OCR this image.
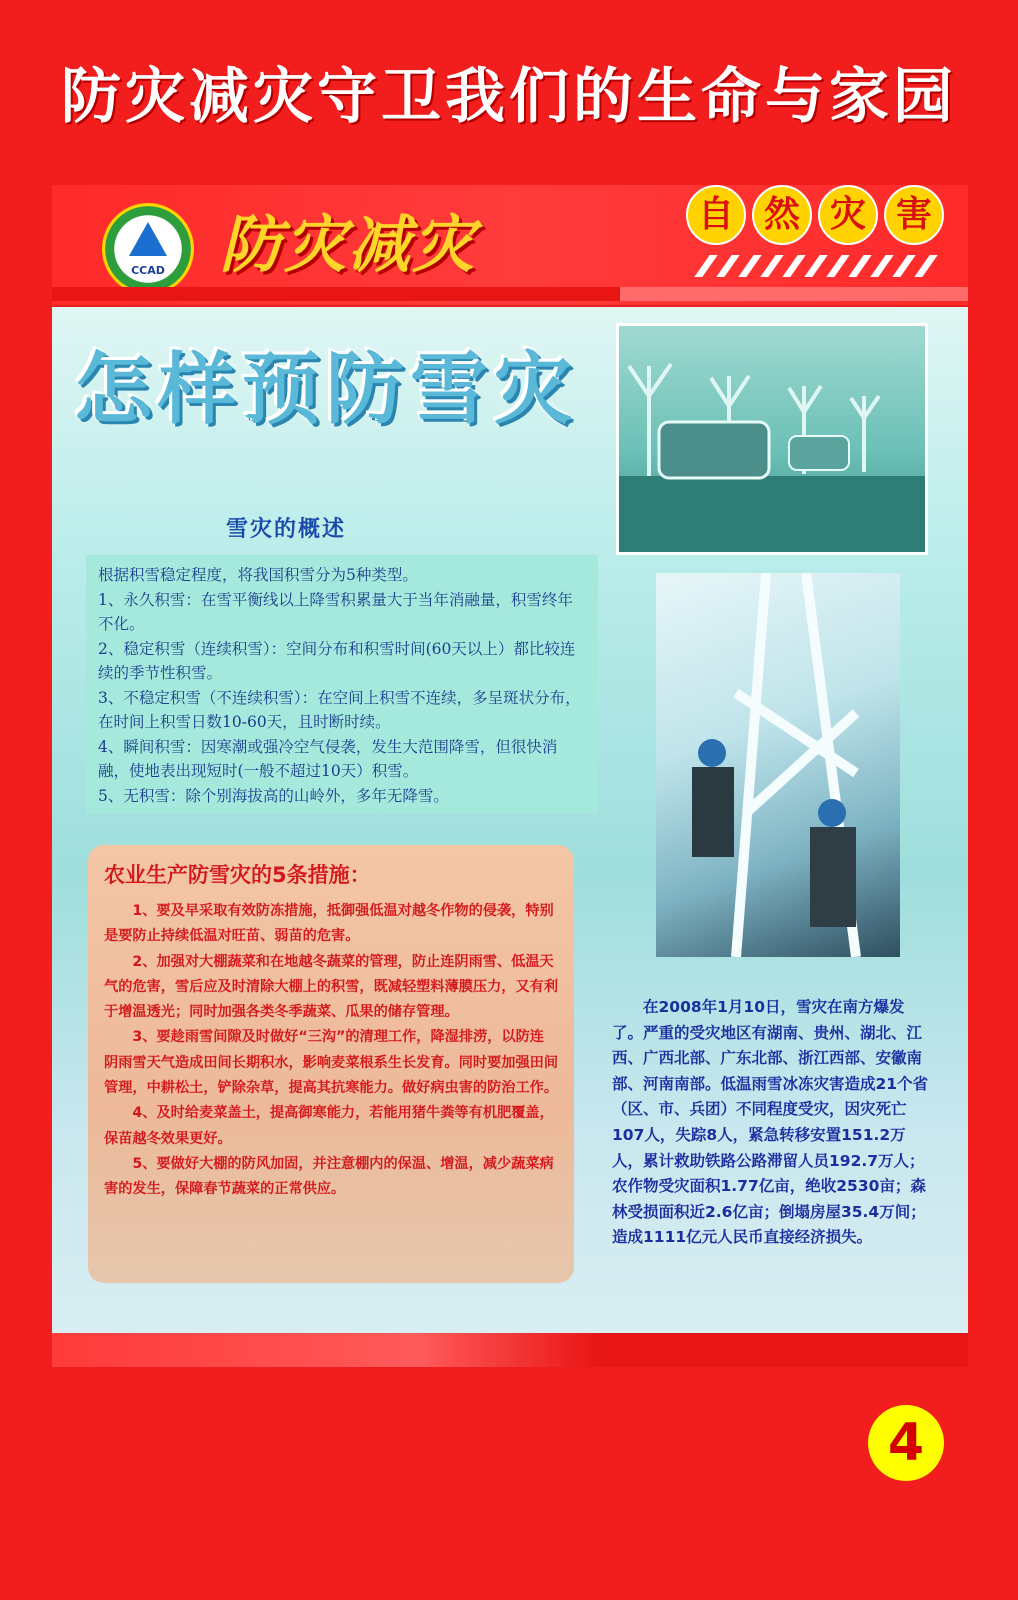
防灾减灾守卫我们的生命与家园
CCAD 防灾减灾	自 然 灾 害
怎样预防雪灾
雪灾的概述

根据积雪稳定程度，将我国积雪分为5种类型。

1、永久积雪：在雪平衡线以上降雪积累量大于当年消融量，积雪终年不化。

2、稳定积雪（连续积雪）：空间分布和积雪时间(60天以上）都比较连续的季节性积雪。

3、不稳定积雪（不连续积雪）：在空间上积雪不连续，多呈斑状分布，在时间上积雪日数10-60天，且时断时续。

4、瞬间积雪：因寒潮或强冷空气侵袭，发生大范围降雪，但很快消融，使地表出现短时(一般不超过10天）积雪。

5、无积雪：除个别海拔高的山岭外，多年无降雪。

农业生产防雪灾的5条措施：

1、要及早采取有效防冻措施，抵御强低温对越冬作物的侵袭，特别是要防止持续低温对旺苗、弱苗的危害。

2、加强对大棚蔬菜和在地越冬蔬菜的管理，防止连阴雨雪、低温天气的危害，雪后应及时清除大棚上的积雪，既减轻塑料薄膜压力，又有利于增温透光；同时加强各类冬季蔬菜、瓜果的储存管理。

3、要趁雨雪间隙及时做好“三沟”的清理工作，降湿排涝，以防连阴雨雪天气造成田间长期积水，影响麦菜根系生长发育。同时要加强田间管理，中耕松土，铲除杂草，提高其抗寒能力。做好病虫害的防治工作。

4、及时给麦菜盖土，提高御寒能力，若能用猪牛粪等有机肥覆盖，保苗越冬效果更好。

5、要做好大棚的防风加固，并注意棚内的保温、增温，减少蔬菜病害的发生，保障春节蔬菜的正常供应。

在2008年1月10日，雪灾在南方爆发了。严重的受灾地区有湖南、贵州、湖北、江西、广西北部、广东北部、浙江西部、安徽南部、河南南部。低温雨雪冰冻灾害造成21个省（区、市、兵团）不同程度受灾，因灾死亡107人，失踪8人，紧急转移安置151.2万人，累计救助铁路公路滞留人员192.7万人；农作物受灾面积1.77亿亩，绝收2530亩；森林受损面积近2.6亿亩；倒塌房屋35.4万间；造成1111亿元人民币直接经济损失。
4
